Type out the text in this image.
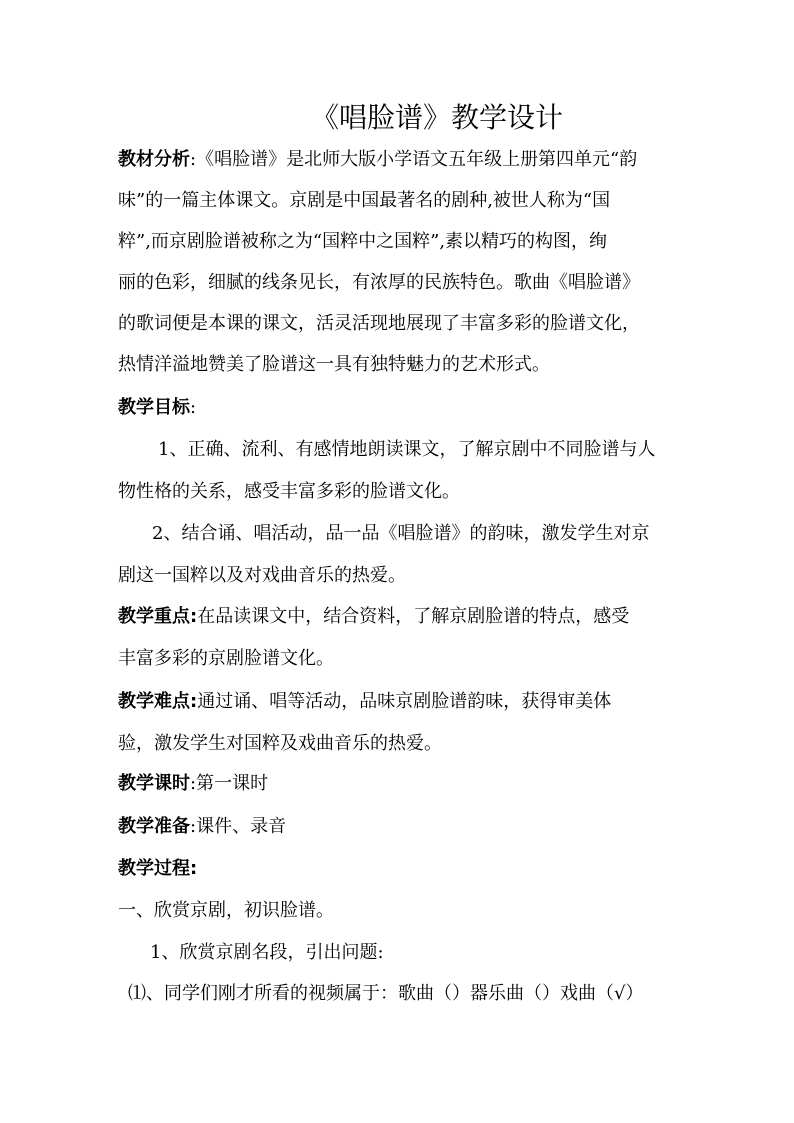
《唱脸谱》教学设计
教材分析:《唱脸谱》是北师大版小学语文五年级上册第四单元“韵
味”的一篇主体课文。京剧是中国最著名的剧种,被世人称为“国
粹”,而京剧脸谱被称之为“国粹中之国粹”,素以精巧的构图，绚
丽的色彩，细腻的线条见长，有浓厚的民族特色。歌曲《唱脸谱》
的歌词便是本课的课文，活灵活现地展现了丰富多彩的脸谱文化，
热情洋溢地赞美了脸谱这一具有独特魅力的艺术形式。
教学目标:
1、正确、流利、有感情地朗读课文，了解京剧中不同脸谱与人
物性格的关系，感受丰富多彩的脸谱文化。
2、结合诵、唱活动，品一品《唱脸谱》的韵味，激发学生对京
剧这一国粹以及对戏曲音乐的热爱。
教学重点:在品读课文中，结合资料，了解京剧脸谱的特点，感受
丰富多彩的京剧脸谱文化。
教学难点:通过诵、唱等活动，品味京剧脸谱韵味，获得审美体
验，激发学生对国粹及戏曲音乐的热爱。
教学课时:第一课时
教学准备:课件、录音
教学过程:
一、欣赏京剧，初识脸谱。
1、欣赏京剧名段，引出问题:
⑴、同学们刚才所看的视频属于：歌曲（）器乐曲（）戏曲（√）
